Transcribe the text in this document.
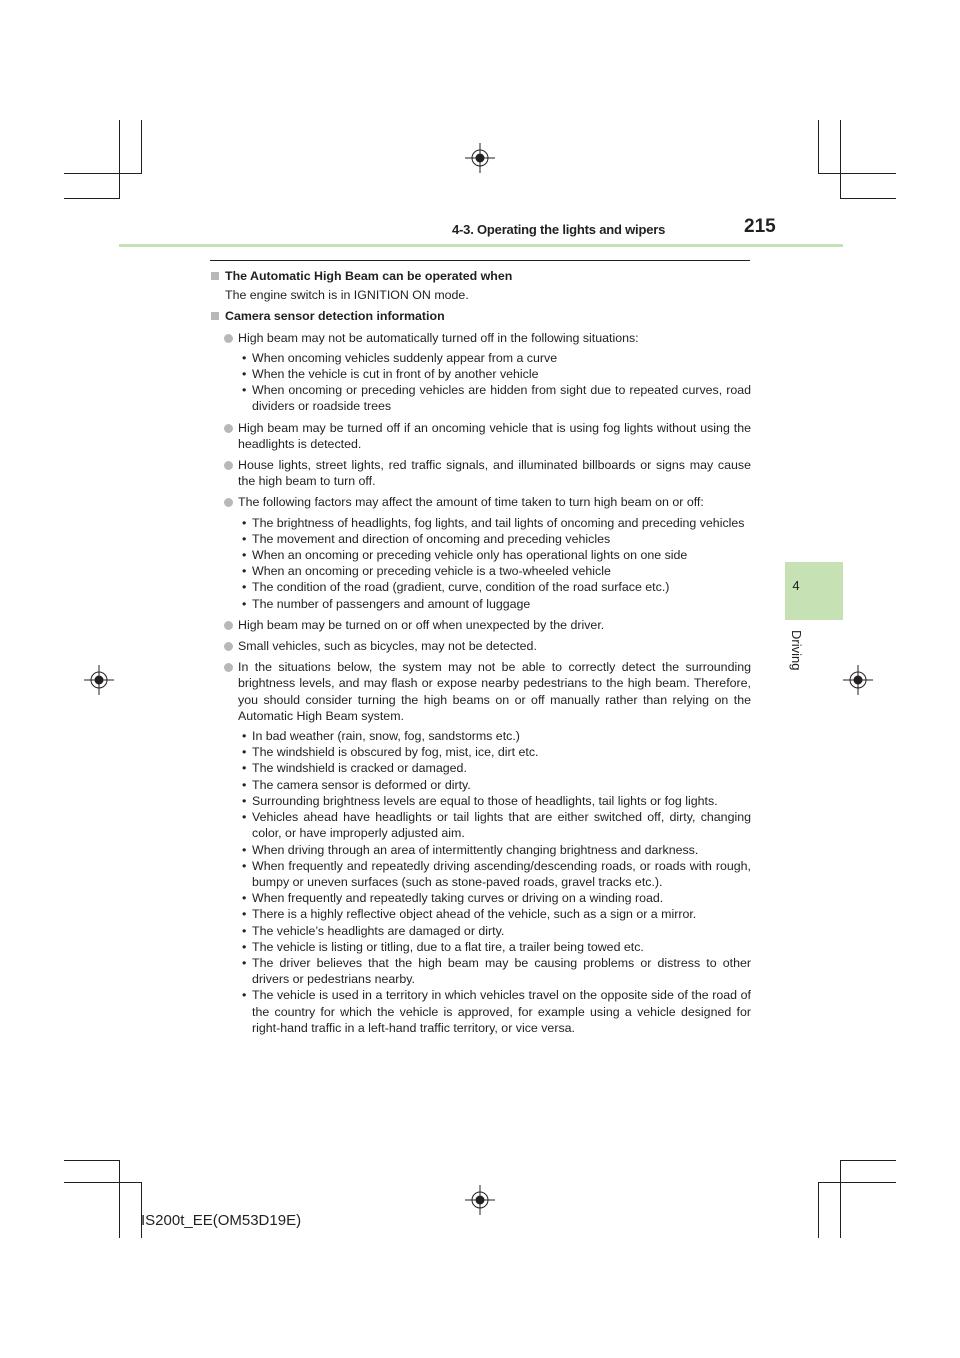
4-3. Operating the lights and wipers	215
4
Driving

The Automatic High Beam can be operated when

The engine switch is in IGNITION ON mode.

Camera sensor detection information

High beam may not be automatically turned off in the following situations:
• When oncoming vehicles suddenly appear from a curve
• When the vehicle is cut in front of by another vehicle
• When oncoming or preceding vehicles are hidden from sight due to repeated curves, road dividers or roadside trees
High beam may be turned off if an oncoming vehicle that is using fog lights without using the headlights is detected.
House lights, street lights, red traffic signals, and illuminated billboards or signs may cause the high beam to turn off.
The following factors may affect the amount of time taken to turn high beam on or off:
• The brightness of headlights, fog lights, and tail lights of oncoming and preceding vehicles
• The movement and direction of oncoming and preceding vehicles
• When an oncoming or preceding vehicle only has operational lights on one side
• When an oncoming or preceding vehicle is a two-wheeled vehicle
• The condition of the road (gradient, curve, condition of the road surface etc.)
• The number of passengers and amount of luggage
High beam may be turned on or off when unexpected by the driver.
Small vehicles, such as bicycles, may not be detected.
In the situations below, the system may not be able to correctly detect the surrounding brightness levels, and may flash or expose nearby pedestrians to the high beam. Therefore, you should consider turning the high beams on or off manually rather than relying on the Automatic High Beam system.
• In bad weather (rain, snow, fog, sandstorms etc.)
• The windshield is obscured by fog, mist, ice, dirt etc.
• The windshield is cracked or damaged.
• The camera sensor is deformed or dirty.
• Surrounding brightness levels are equal to those of headlights, tail lights or fog lights.
• Vehicles ahead have headlights or tail lights that are either switched off, dirty, changing color, or have improperly adjusted aim.
• When driving through an area of intermittently changing brightness and darkness.
• When frequently and repeatedly driving ascending/descending roads, or roads with rough, bumpy or uneven surfaces (such as stone-paved roads, gravel tracks etc.).
• When frequently and repeatedly taking curves or driving on a winding road.
• There is a highly reflective object ahead of the vehicle, such as a sign or a mirror.
• The vehicle’s headlights are damaged or dirty.
• The vehicle is listing or titling, due to a flat tire, a trailer being towed etc.
• The driver believes that the high beam may be causing problems or distress to other drivers or pedestrians nearby.
• The vehicle is used in a territory in which vehicles travel on the opposite side of the road of the country for which the vehicle is approved, for example using a vehicle designed for right-hand traffic in a left-hand traffic territory, or vice versa.
IS200t_EE(OM53D19E)
